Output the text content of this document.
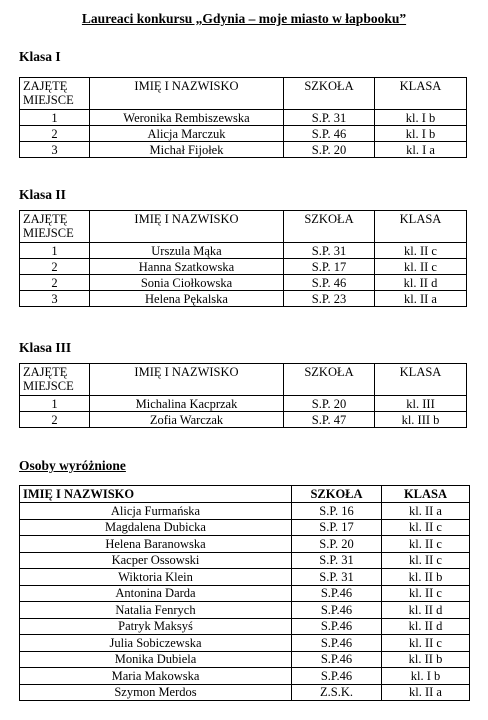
Laureaci konkursu „Gdynia – moje miasto w łapbooku”
Klasa I
ZAJĘTĘ
MIEJSCE	IMIĘ I NAZWISKO	SZKOŁA	KLASA
1	Weronika Rembiszewska	S.P. 31	kl. I b
2	Alicja Marczuk	S.P. 46	kl. I b
3	Michał Fijołek	S.P. 20	kl. I a
Klasa II
ZAJĘTĘ
MIEJSCE	IMIĘ I NAZWISKO	SZKOŁA	KLASA
1	Urszula Mąka	S.P. 31	kl. II c
2	Hanna Szatkowska	S.P. 17	kl. II c
2	Sonia Ciołkowska	S.P. 46	kl. II d
3	Helena Pękalska	S.P. 23	kl. II a
Klasa III
ZAJĘTĘ
MIEJSCE	IMIĘ I NAZWISKO	SZKOŁA	KLASA
1	Michalina Kacprzak	S.P. 20	kl. III
2	Zofia Warczak	S.P. 47	kl. III b
Osoby wyróżnione
IMIĘ I NAZWISKO	SZKOŁA	KLASA
Alicja Furmańska	S.P. 16	kl. II a
Magdalena Dubicka	S.P. 17	kl. II c
Helena Baranowska	S.P. 20	kl. II c
Kacper Ossowski	S.P. 31	kl. II c
Wiktoria Klein	S.P. 31	kl. II b
Antonina Darda	S.P.46	kl. II c
Natalia Fenrych	S.P.46	kl. II d
Patryk Maksyś	S.P.46	kl. II d
Julia Sobiczewska	S.P.46	kl. II c
Monika Dubiela	S.P.46	kl. II b
Maria Makowska	S.P.46	kl. I b
Szymon Merdos	Z.S.K.	kl. II a
